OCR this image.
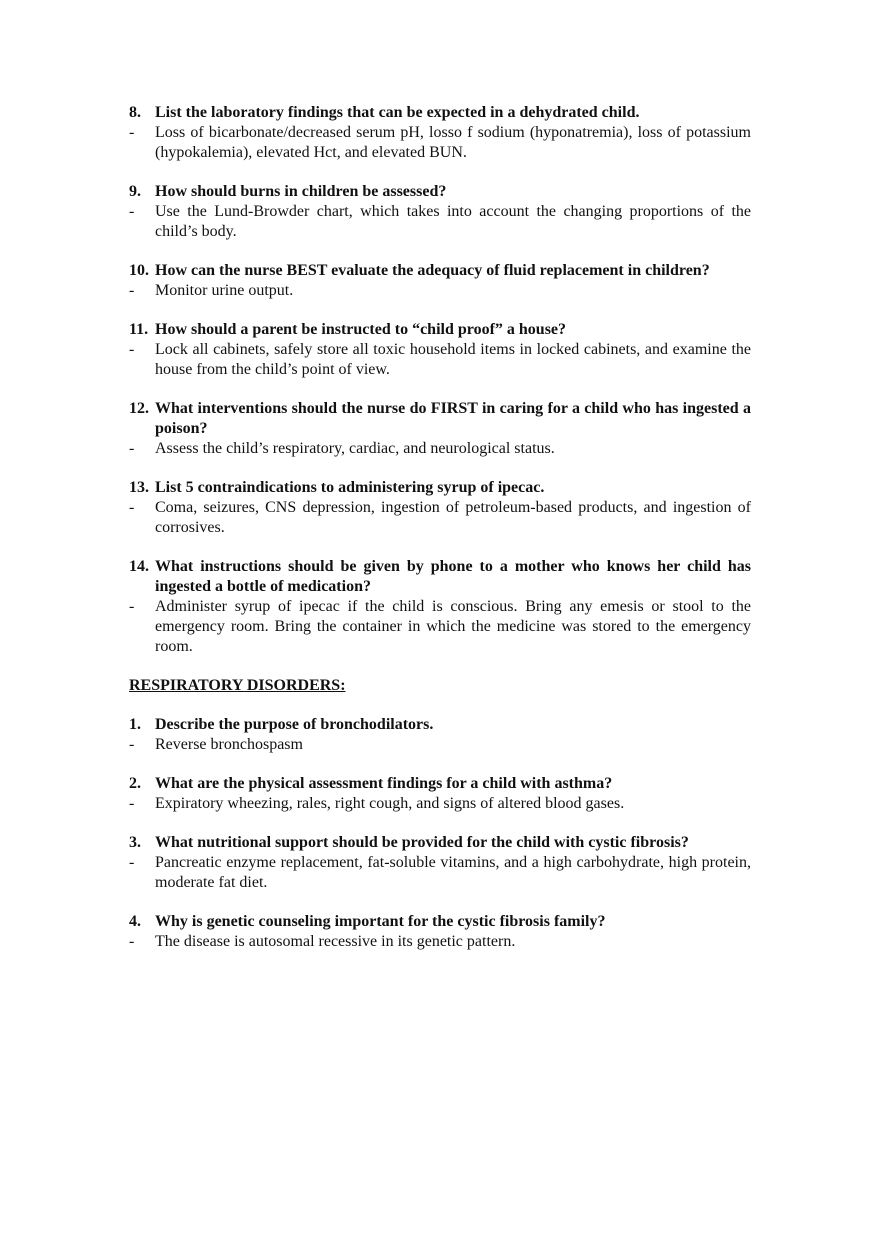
8. List the laboratory findings that can be expected in a dehydrated child.
- Loss of bicarbonate/decreased serum pH, losso f sodium (hyponatremia), loss of potassium (hypokalemia), elevated Hct, and elevated BUN.
9. How should burns in children be assessed?
- Use the Lund-Browder chart, which takes into account the changing proportions of the child’s body.
10. How can the nurse BEST evaluate the adequacy of fluid replacement in children?
- Monitor urine output.
11. How should a parent be instructed to “child proof” a house?
- Lock all cabinets, safely store all toxic household items in locked cabinets, and examine the house from the child’s point of view.
12. What interventions should the nurse do FIRST in caring for a child who has ingested a poison?
- Assess the child’s respiratory, cardiac, and neurological status.
13. List 5 contraindications to administering syrup of ipecac.
- Coma, seizures, CNS depression, ingestion of petroleum-based products, and ingestion of corrosives.
14. What instructions should be given by phone to a mother who knows her child has ingested a bottle of medication?
- Administer syrup of ipecac if the child is conscious. Bring any emesis or stool to the emergency room. Bring the container in which the medicine was stored to the emergency room.
RESPIRATORY DISORDERS:
1. Describe the purpose of bronchodilators.
- Reverse bronchospasm
2. What are the physical assessment findings for a child with asthma?
- Expiratory wheezing, rales, right cough, and signs of altered blood gases.
3. What nutritional support should be provided for the child with cystic fibrosis?
- Pancreatic enzyme replacement, fat-soluble vitamins, and a high carbohydrate, high protein, moderate fat diet.
4. Why is genetic counseling important for the cystic fibrosis family?
- The disease is autosomal recessive in its genetic pattern.
